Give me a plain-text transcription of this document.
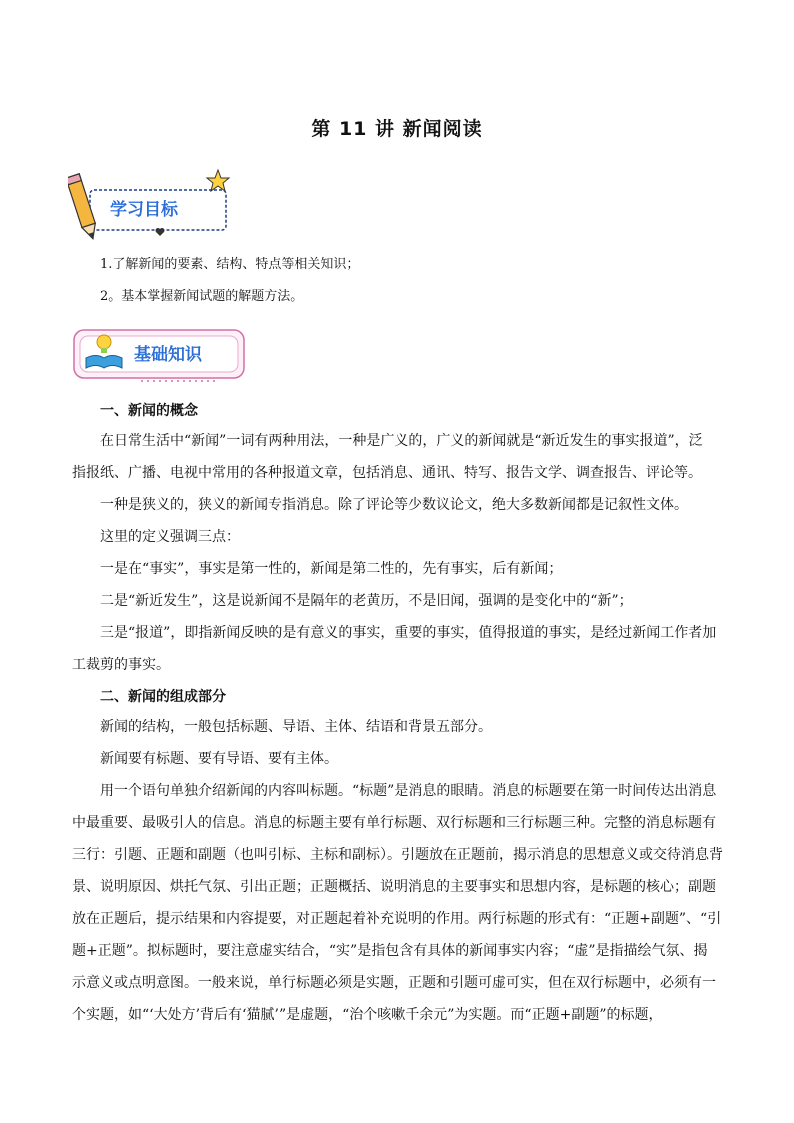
第 11 讲 新闻阅读
学习目标
1.了解新闻的要素、结构、特点等相关知识；
2。基本掌握新闻试题的解题方法。
基础知识
一、新闻的概念
在日常生活中“新闻”一词有两种用法，一种是广义的，广义的新闻就是“新近发生的事实报道”，泛
指报纸、广播、电视中常用的各种报道文章，包括消息、通讯、特写、报告文学、调查报告、评论等。
一种是狭义的，狭义的新闻专指消息。除了评论等少数议论文，绝大多数新闻都是记叙性文体。
这里的定义强调三点：
一是在“事实”，事实是第一性的，新闻是第二性的，先有事实，后有新闻；
二是“新近发生”，这是说新闻不是隔年的老黄历，不是旧闻，强调的是变化中的“新”；
三是“报道”，即指新闻反映的是有意义的事实，重要的事实，值得报道的事实，是经过新闻工作者加
工裁剪的事实。
二、新闻的组成部分
新闻的结构，一般包括标题、导语、主体、结语和背景五部分。
新闻要有标题、要有导语、要有主体。
用一个语句单独介绍新闻的内容叫标题。“标题”是消息的眼睛。消息的标题要在第一时间传达出消息
中最重要、最吸引人的信息。消息的标题主要有单行标题、双行标题和三行标题三种。完整的消息标题有
三行：引题、正题和副题（也叫引标、主标和副标）。引题放在正题前，揭示消息的思想意义或交待消息背
景、说明原因、烘托气氛、引出正题；正题概括、说明消息的主要事实和思想内容，是标题的核心；副题
放在正题后，提示结果和内容提要，对正题起着补充说明的作用。两行标题的形式有：“正题+副题”、“引
题+正题”。拟标题时，要注意虚实结合，“实”是指包含有具体的新闻事实内容；“虚”是指描绘气氛、揭
示意义或点明意图。一般来说，单行标题必须是实题，正题和引题可虚可实，但在双行标题中，必须有一
个实题，如“‘大处方’背后有‘猫腻’”是虚题，“治个咳嗽千余元”为实题。而“正题+副题”的标题，
